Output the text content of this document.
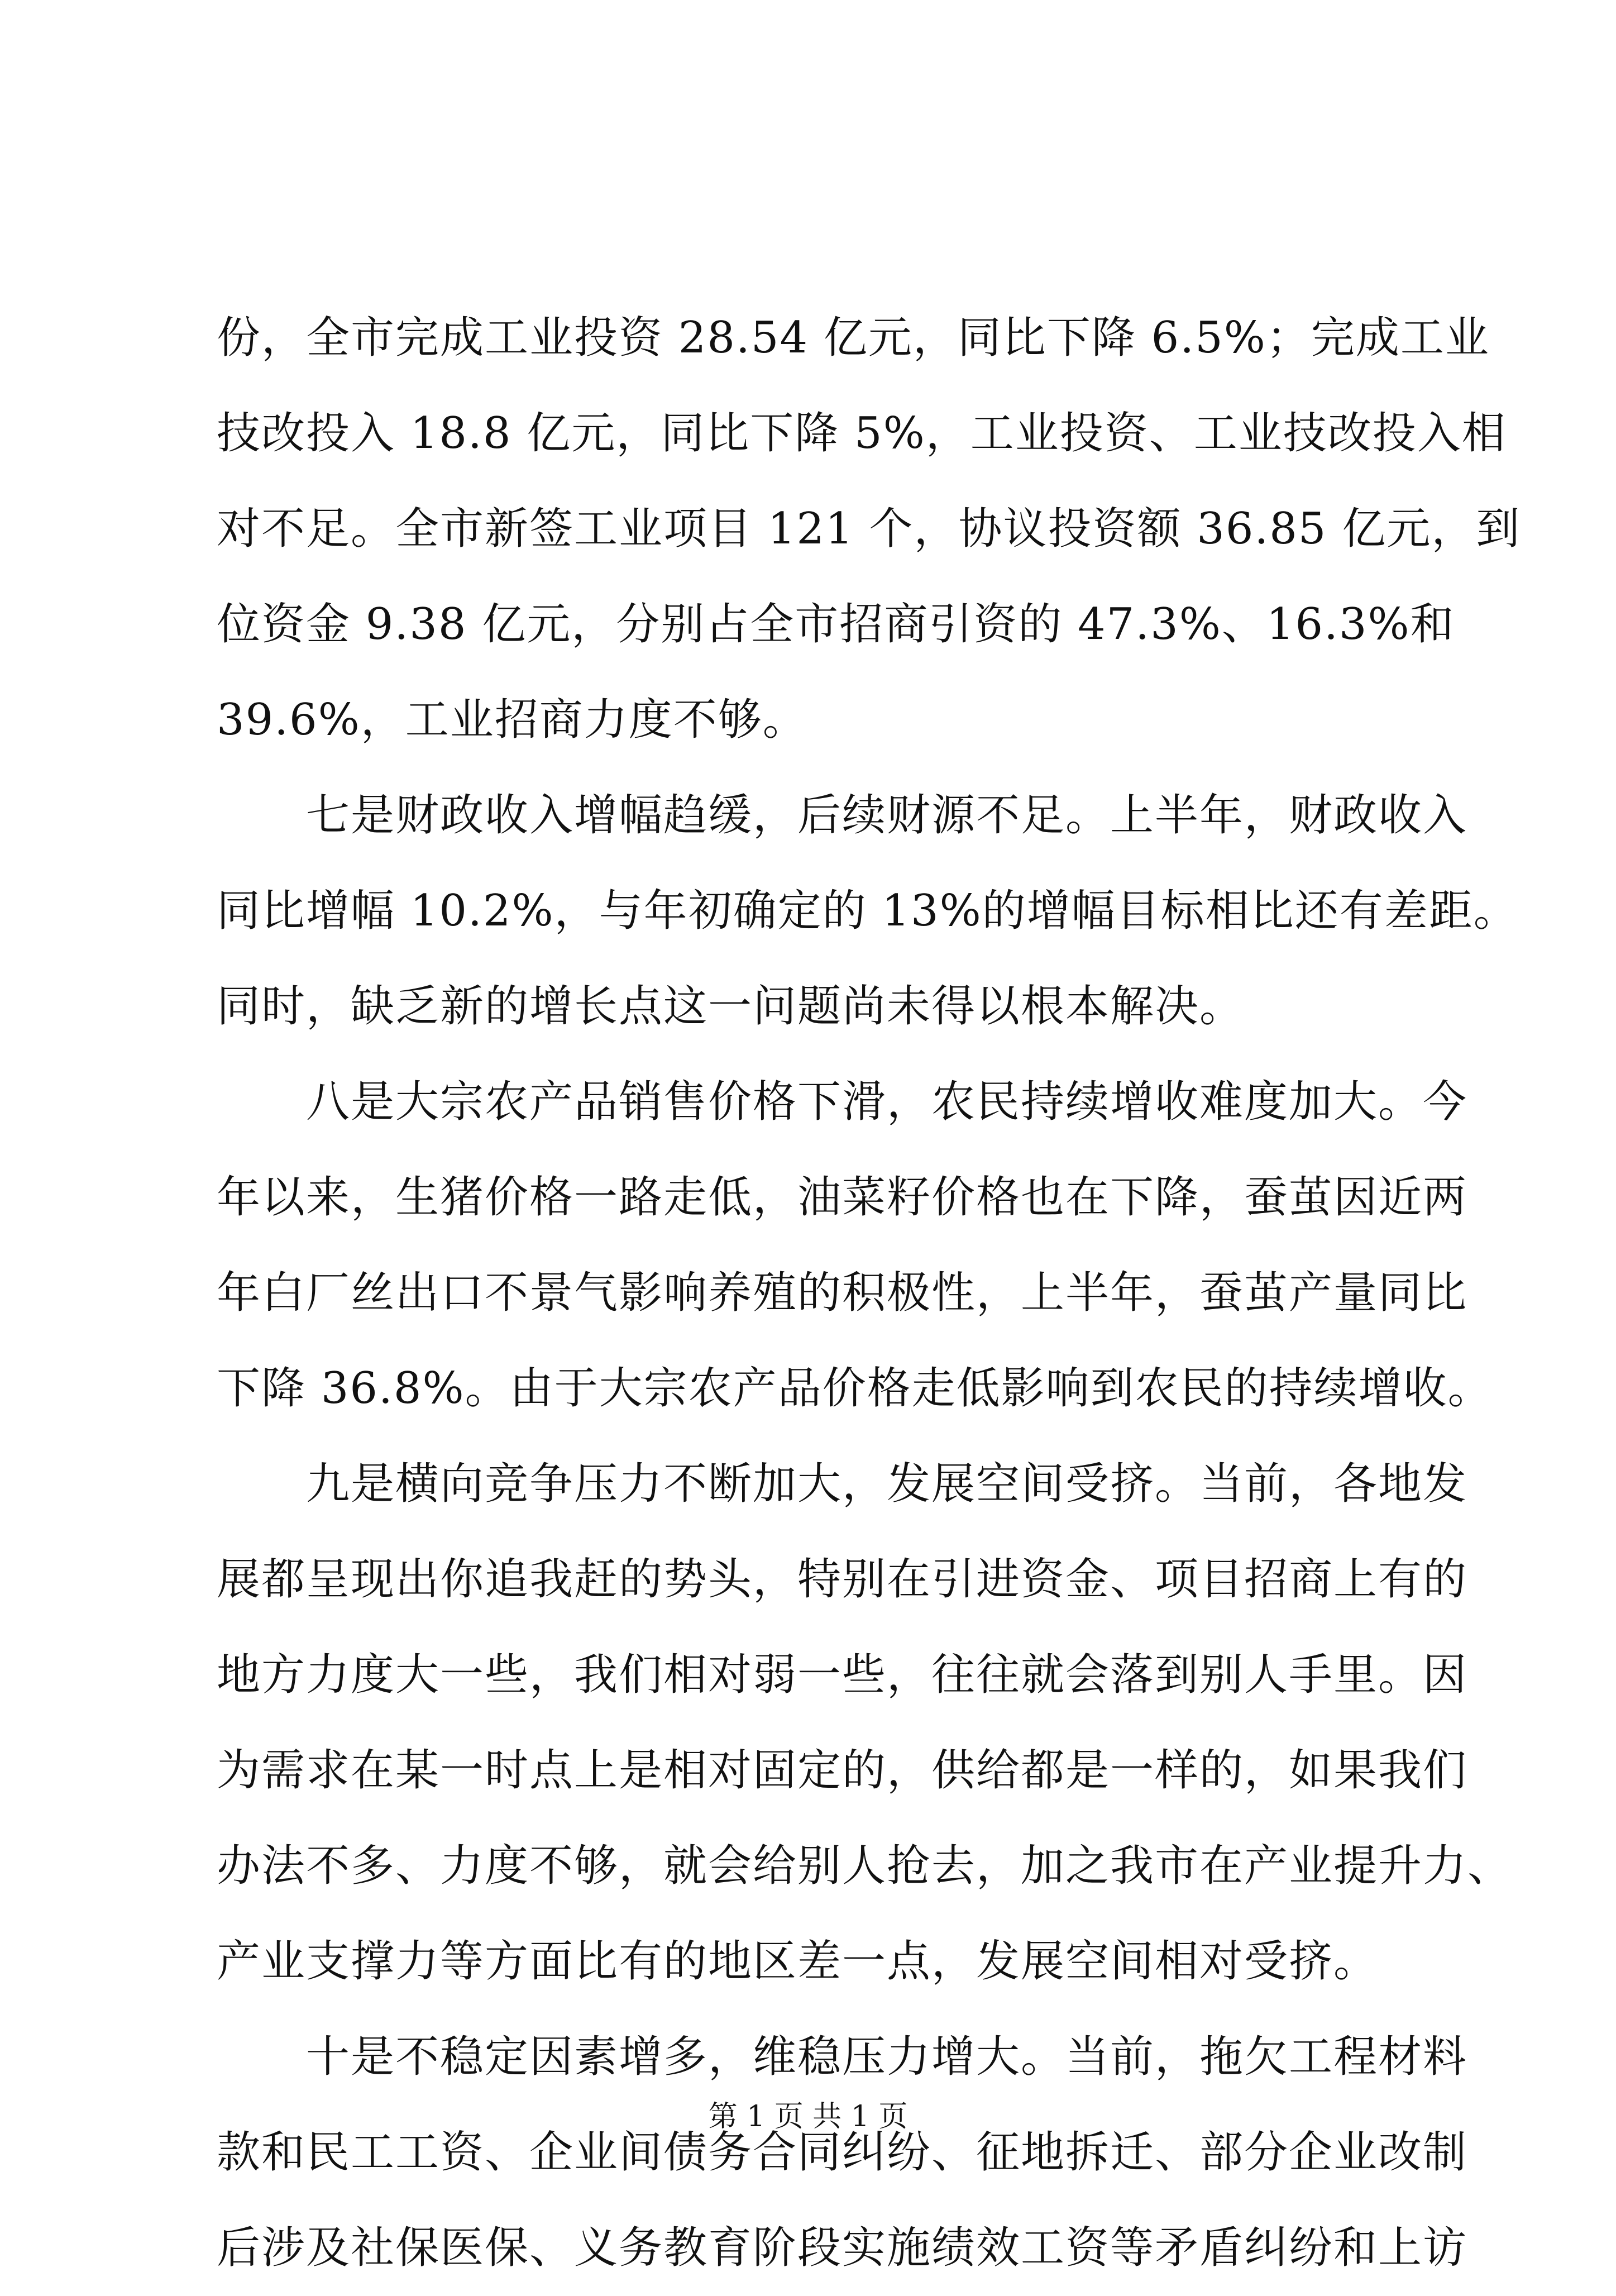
份，全市完成工业投资 28.54 亿元，同比下降 6.5%；完成工业
技改投入 18.8 亿元，同比下降 5%，工业投资、工业技改投入相
对不足。全市新签工业项目 121 个，协议投资额 36.85 亿元，到
位资金 9.38 亿元，分别占全市招商引资的 47.3%、16.3%和
39.6%，工业招商力度不够。
　　七是财政收入增幅趋缓，后续财源不足。上半年，财政收入
同比增幅 10.2%，与年初确定的 13%的增幅目标相比还有差距。
同时，缺乏新的增长点这一问题尚未得以根本解决。
　　八是大宗农产品销售价格下滑，农民持续增收难度加大。今
年以来，生猪价格一路走低，油菜籽价格也在下降，蚕茧因近两
年白厂丝出口不景气影响养殖的积极性，上半年，蚕茧产量同比
下降 36.8%。由于大宗农产品价格走低影响到农民的持续增收。
　　九是横向竞争压力不断加大，发展空间受挤。当前，各地发
展都呈现出你追我赶的势头，特别在引进资金、项目招商上有的
地方力度大一些，我们相对弱一些，往往就会落到别人手里。因
为需求在某一时点上是相对固定的，供给都是一样的，如果我们
办法不多、力度不够，就会给别人抢去，加之我市在产业提升力、
产业支撑力等方面比有的地区差一点，发展空间相对受挤。
　　十是不稳定因素增多，维稳压力增大。当前，拖欠工程材料
款和民工工资、企业间债务合同纠纷、征地拆迁、部分企业改制
后涉及社保医保、义务教育阶段实施绩效工资等矛盾纠纷和上访
第 1 页 共 1 页
